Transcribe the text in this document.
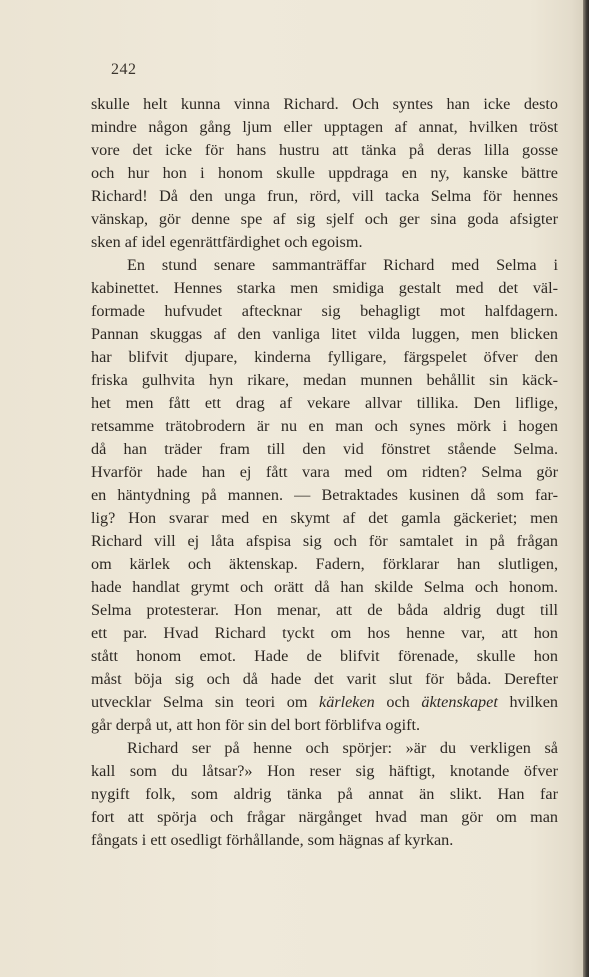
242
skulle helt kunna vinna Richard. Och syntes han icke desto
mindre någon gång ljum eller upptagen af annat, hvilken tröst
vore det icke för hans hustru att tänka på deras lilla gosse
och hur hon i honom skulle uppdraga en ny, kanske bättre
Richard! Då den unga frun, rörd, vill tacka Selma för hennes
vänskap, gör denne spe af sig sjelf och ger sina goda afsigter
sken af idel egenrättfärdighet och egoism.
En stund senare sammanträffar Richard med Selma i
kabinettet. Hennes starka men smidiga gestalt med det väl-
formade hufvudet aftecknar sig behagligt mot halfdagern.
Pannan skuggas af den vanliga litet vilda luggen, men blicken
har blifvit djupare, kinderna fylligare, färgspelet öfver den
friska gulhvita hyn rikare, medan munnen behållit sin käck-
het men fått ett drag af vekare allvar tillika. Den liflige,
retsamme trätobrodern är nu en man och synes mörk i hogen
då han träder fram till den vid fönstret stående Selma.
Hvarför hade han ej fått vara med om ridten? Selma gör
en häntydning på mannen. — Betraktades kusinen då som far-
lig? Hon svarar med en skymt af det gamla gäckeriet; men
Richard vill ej låta afspisa sig och för samtalet in på frågan
om kärlek och äktenskap. Fadern, förklarar han slutligen,
hade handlat grymt och orätt då han skilde Selma och honom.
Selma protesterar. Hon menar, att de båda aldrig dugt till
ett par. Hvad Richard tyckt om hos henne var, att hon
stått honom emot. Hade de blifvit förenade, skulle hon
måst böja sig och då hade det varit slut för båda. Derefter
utvecklar Selma sin teori om kärleken och äktenskapet hvilken
går derpå ut, att hon för sin del bort förblifva ogift.
Richard ser på henne och spörjer: »är du verkligen så
kall som du låtsar?» Hon reser sig häftigt, knotande öfver
nygift folk, som aldrig tänka på annat än slikt. Han far
fort att spörja och frågar närgånget hvad man gör om man
fångats i ett osedligt förhållande, som hägnas af kyrkan.
